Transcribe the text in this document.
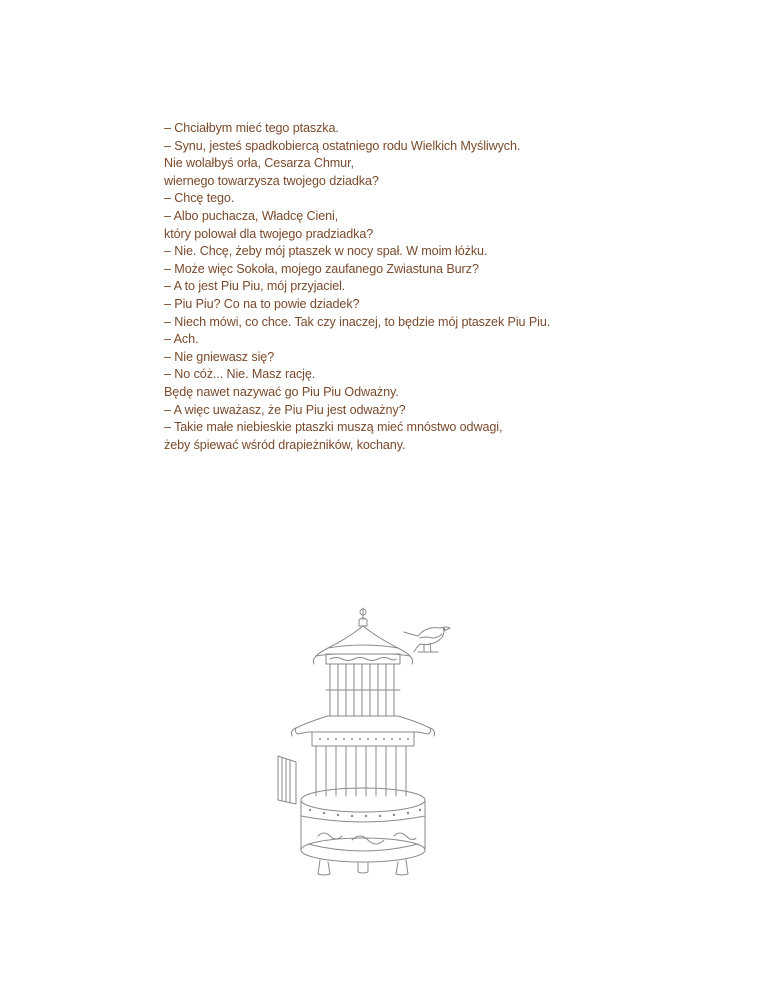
– Chciałbym mieć tego ptaszka.
– Synu, jesteś spadkobiercą ostatniego rodu Wielkich Myśliwych.
Nie wolałbyś orła, Cesarza Chmur,
wiernego towarzysza twojego dziadka?
– Chcę tego.
– Albo puchacza, Władcę Cieni,
który polował dla twojego pradziadka?
– Nie. Chcę, żeby mój ptaszek w nocy spał. W moim łóżku.
– Może więc Sokoła, mojego zaufanego Zwiastuna Burz?
– A to jest Piu Piu, mój przyjaciel.
– Piu Piu? Co na to powie dziadek?
– Niech mówi, co chce. Tak czy inaczej, to będzie mój ptaszek Piu Piu.
– Ach.
– Nie gniewasz się?
– No cóż... Nie. Masz rację.
Będę nawet nazywać go Piu Piu Odważny.
– A więc uważasz, że Piu Piu jest odważny?
– Takie małe niebieskie ptaszki muszą mieć mnóstwo odwagi,
żeby śpiewać wśród drapieżników, kochany.
